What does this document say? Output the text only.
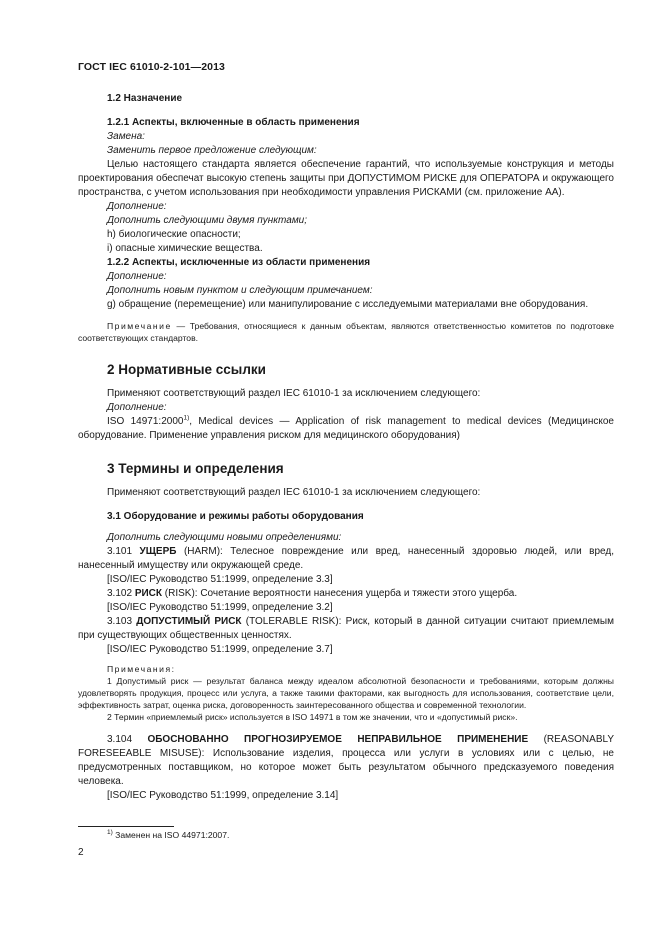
ГОСТ IEC 61010-2-101—2013

1.2 Назначение

1.2.1 Аспекты, включенные в область применения

Замена:

Заменить первое предложение следующим:

Целью настоящего стандарта является обеспечение гарантий, что используемые конструкция и методы проектирования обеспечат высокую степень защиты при ДОПУСТИМОМ РИСКЕ для ОПЕРАТОРА и окружающего пространства, с учетом использования при необходимости управления РИСКАМИ (см. приложение АА).

Дополнение:

Дополнить следующими двумя пунктами;

h) биологические опасности;

i) опасные химические вещества.

1.2.2 Аспекты, исключенные из области применения

Дополнение:

Дополнить новым пунктом и следующим примечанием:

g) обращение (перемещение) или манипулирование с исследуемыми материалами вне оборудования.

Примечание — Требования, относящиеся к данным объектам, являются ответственностью комитетов по подготовке соответствующих стандартов.

2 Нормативные ссылки

Применяют соответствующий раздел IEC 61010-1 за исключением следующего:

Дополнение:

ISO 14971:2000$^{1)}$, Medical devices — Application of risk management to medical devices (Медицинское оборудование. Применение управления риском для медицинского оборудования)

3 Термины и определения

Применяют соответствующий раздел IEC 61010-1 за исключением следующего:

3.1 Оборудование и режимы работы оборудования

Дополнить следующими новыми определениями:

3.101 УЩЕРБ (HARM): Телесное повреждение или вред, нанесенный здоровью людей, или вред, нанесенный имуществу или окружающей среде.

[ISO/IEC Руководство 51:1999, определение 3.3]

3.102 РИСК (RISK): Сочетание вероятности нанесения ущерба и тяжести этого ущерба.

[ISO/IEC Руководство 51:1999, определение 3.2]

3.103 ДОПУСТИМЫЙ РИСК (TOLERABLE RISK): Риск, который в данной ситуации считают приемлемым при существующих общественных ценностях.

[ISO/IEC Руководство 51:1999, определение 3.7]

Примечания:

1 Допустимый риск — результат баланса между идеалом абсолютной безопасности и требованиями, которым должны удовлетворять продукция, процесс или услуга, а также такими факторами, как выгодность для использования, соответствие цели, эффективность затрат, оценка риска, договоренность заинтересованного общества и современной технологии.

2 Термин «приемлемый риск» используется в ISO 14971 в том же значении, что и «допустимый риск».

3.104 ОБОСНОВАННО ПРОГНОЗИРУЕМОЕ НЕПРАВИЛЬНОЕ ПРИМЕНЕНИЕ (REASONABLY FORESEEABLE MISUSE): Использование изделия, процесса или услуги в условиях или с целью, не предусмотренных поставщиком, но которое может быть результатом обычного предсказуемого поведения человека.

[ISO/IEC Руководство 51:1999, определение 3.14]

$^{1)}$ Заменен на ISO 44971:2007.
2
